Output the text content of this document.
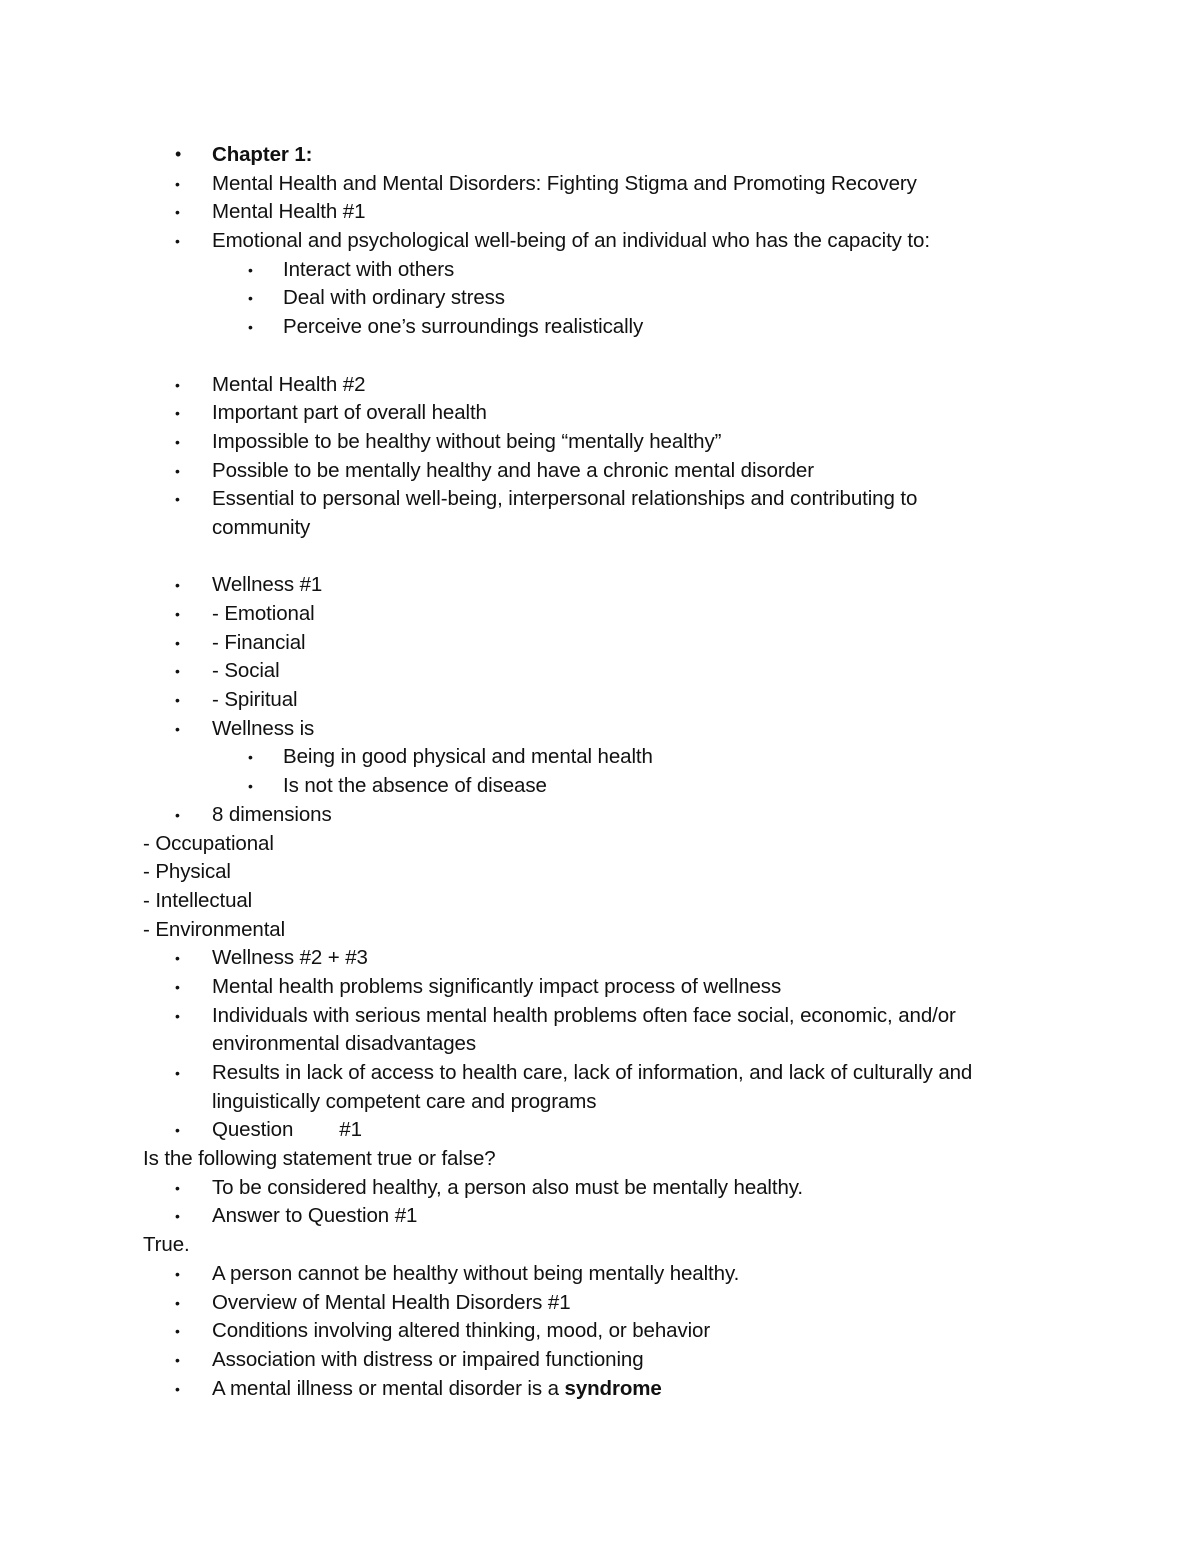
• Chapter 1:
• Mental Health and Mental Disorders: Fighting Stigma and Promoting Recovery
• Mental Health #1
• Emotional and psychological well-being of an individual who has the capacity to:
• Interact with others
• Deal with ordinary stress
• Perceive one’s surroundings realistically
• Mental Health #2
• Important part of overall health
• Impossible to be healthy without being “mentally healthy”
• Possible to be mentally healthy and have a chronic mental disorder
• Essential to personal well-being, interpersonal relationships and contributing to community
• Wellness #1
• - Emotional
• - Financial
• - Social
• - Spiritual
• Wellness is
• Being in good physical and mental health
• Is not the absence of disease
• 8 dimensions
- Occupational
- Physical
- Intellectual
- Environmental
• Wellness #2 + #3
• Mental health problems significantly impact process of wellness
• Individuals with serious mental health problems often face social, economic, and/or environmental disadvantages
• Results in lack of access to health care, lack of information, and lack of culturally and linguistically competent care and programs
• Question #1
Is the following statement true or false?
• To be considered healthy, a person also must be mentally healthy.
• Answer to Question #1
True.
• A person cannot be healthy without being mentally healthy.
• Overview of Mental Health Disorders #1
• Conditions involving altered thinking, mood, or behavior
• Association with distress or impaired functioning
• A mental illness or mental disorder is a syndrome
